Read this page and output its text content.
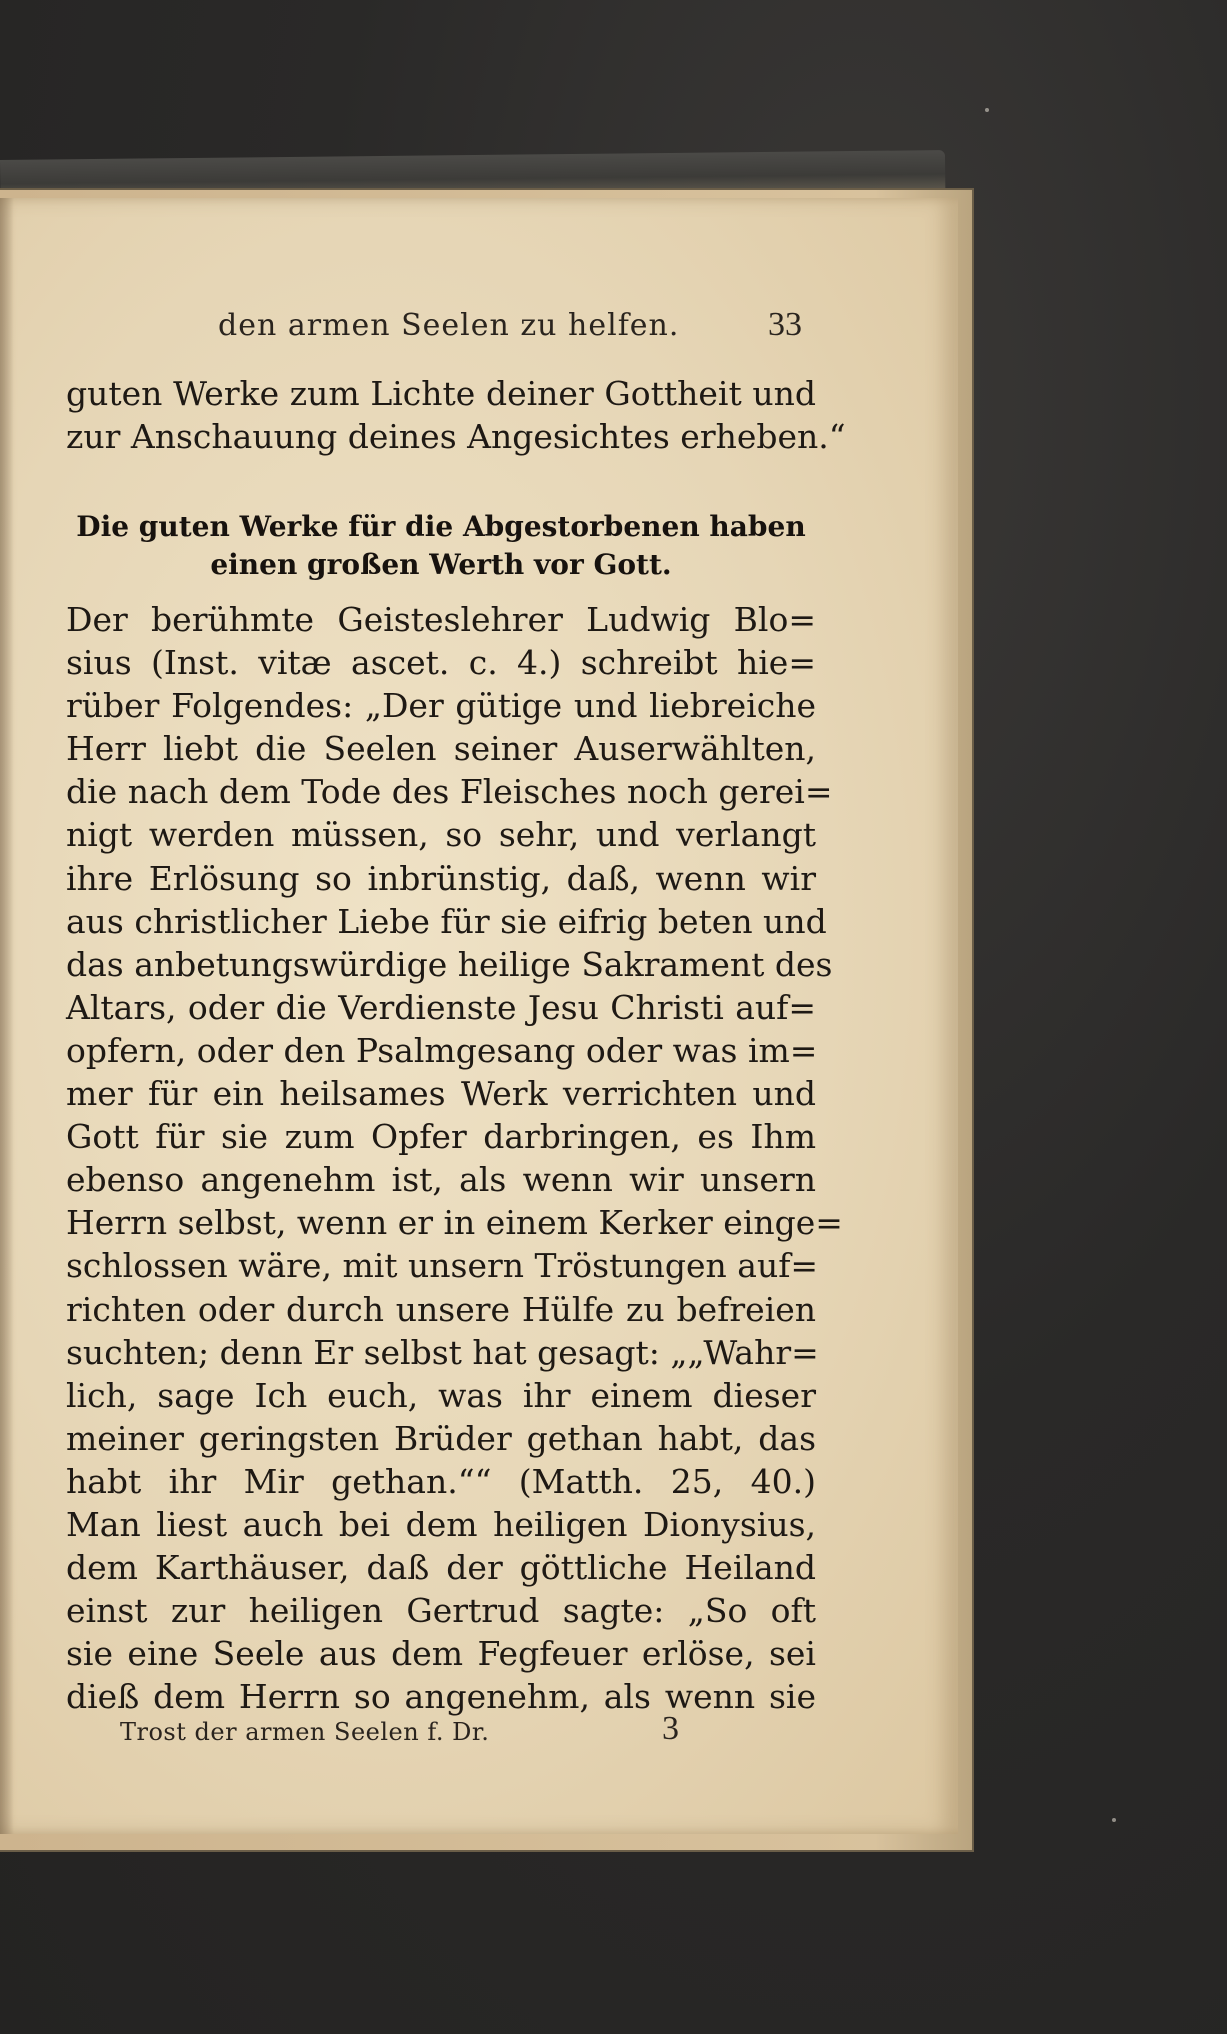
den armen Seelen zu helfen.	33
guten Werke zum Lichte deiner Gottheit und
zur Anschauung deines Angesichtes erheben.“
Die guten Werke für die Abgestorbenen haben
einen großen Werth vor Gott.
Der berühmte Geisteslehrer Ludwig Blo=
sius (Inst. vitæ ascet. c. 4.) schreibt hie=
rüber Folgendes: „Der gütige und liebreiche
Herr liebt die Seelen seiner Auserwählten,
die nach dem Tode des Fleisches noch gerei=
nigt werden müssen, so sehr, und verlangt
ihre Erlösung so inbrünstig, daß, wenn wir
aus christlicher Liebe für sie eifrig beten und
das anbetungswürdige heilige Sakrament des
Altars, oder die Verdienste Jesu Christi auf=
opfern, oder den Psalmgesang oder was im=
mer für ein heilsames Werk verrichten und
Gott für sie zum Opfer darbringen, es Ihm
ebenso angenehm ist, als wenn wir unsern
Herrn selbst, wenn er in einem Kerker einge=
schlossen wäre, mit unsern Tröstungen auf=
richten oder durch unsere Hülfe zu befreien
suchten; denn Er selbst hat gesagt: „„Wahr=
lich, sage Ich euch, was ihr einem dieser
meiner geringsten Brüder gethan habt, das
habt ihr Mir gethan.““ (Matth. 25, 40.)
Man liest auch bei dem heiligen Dionysius,
dem Karthäuser, daß der göttliche Heiland
einst zur heiligen Gertrud sagte: „So oft
sie eine Seele aus dem Fegfeuer erlöse, sei
dieß dem Herrn so angenehm, als wenn sie
Trost der armen Seelen f. Dr.	3
